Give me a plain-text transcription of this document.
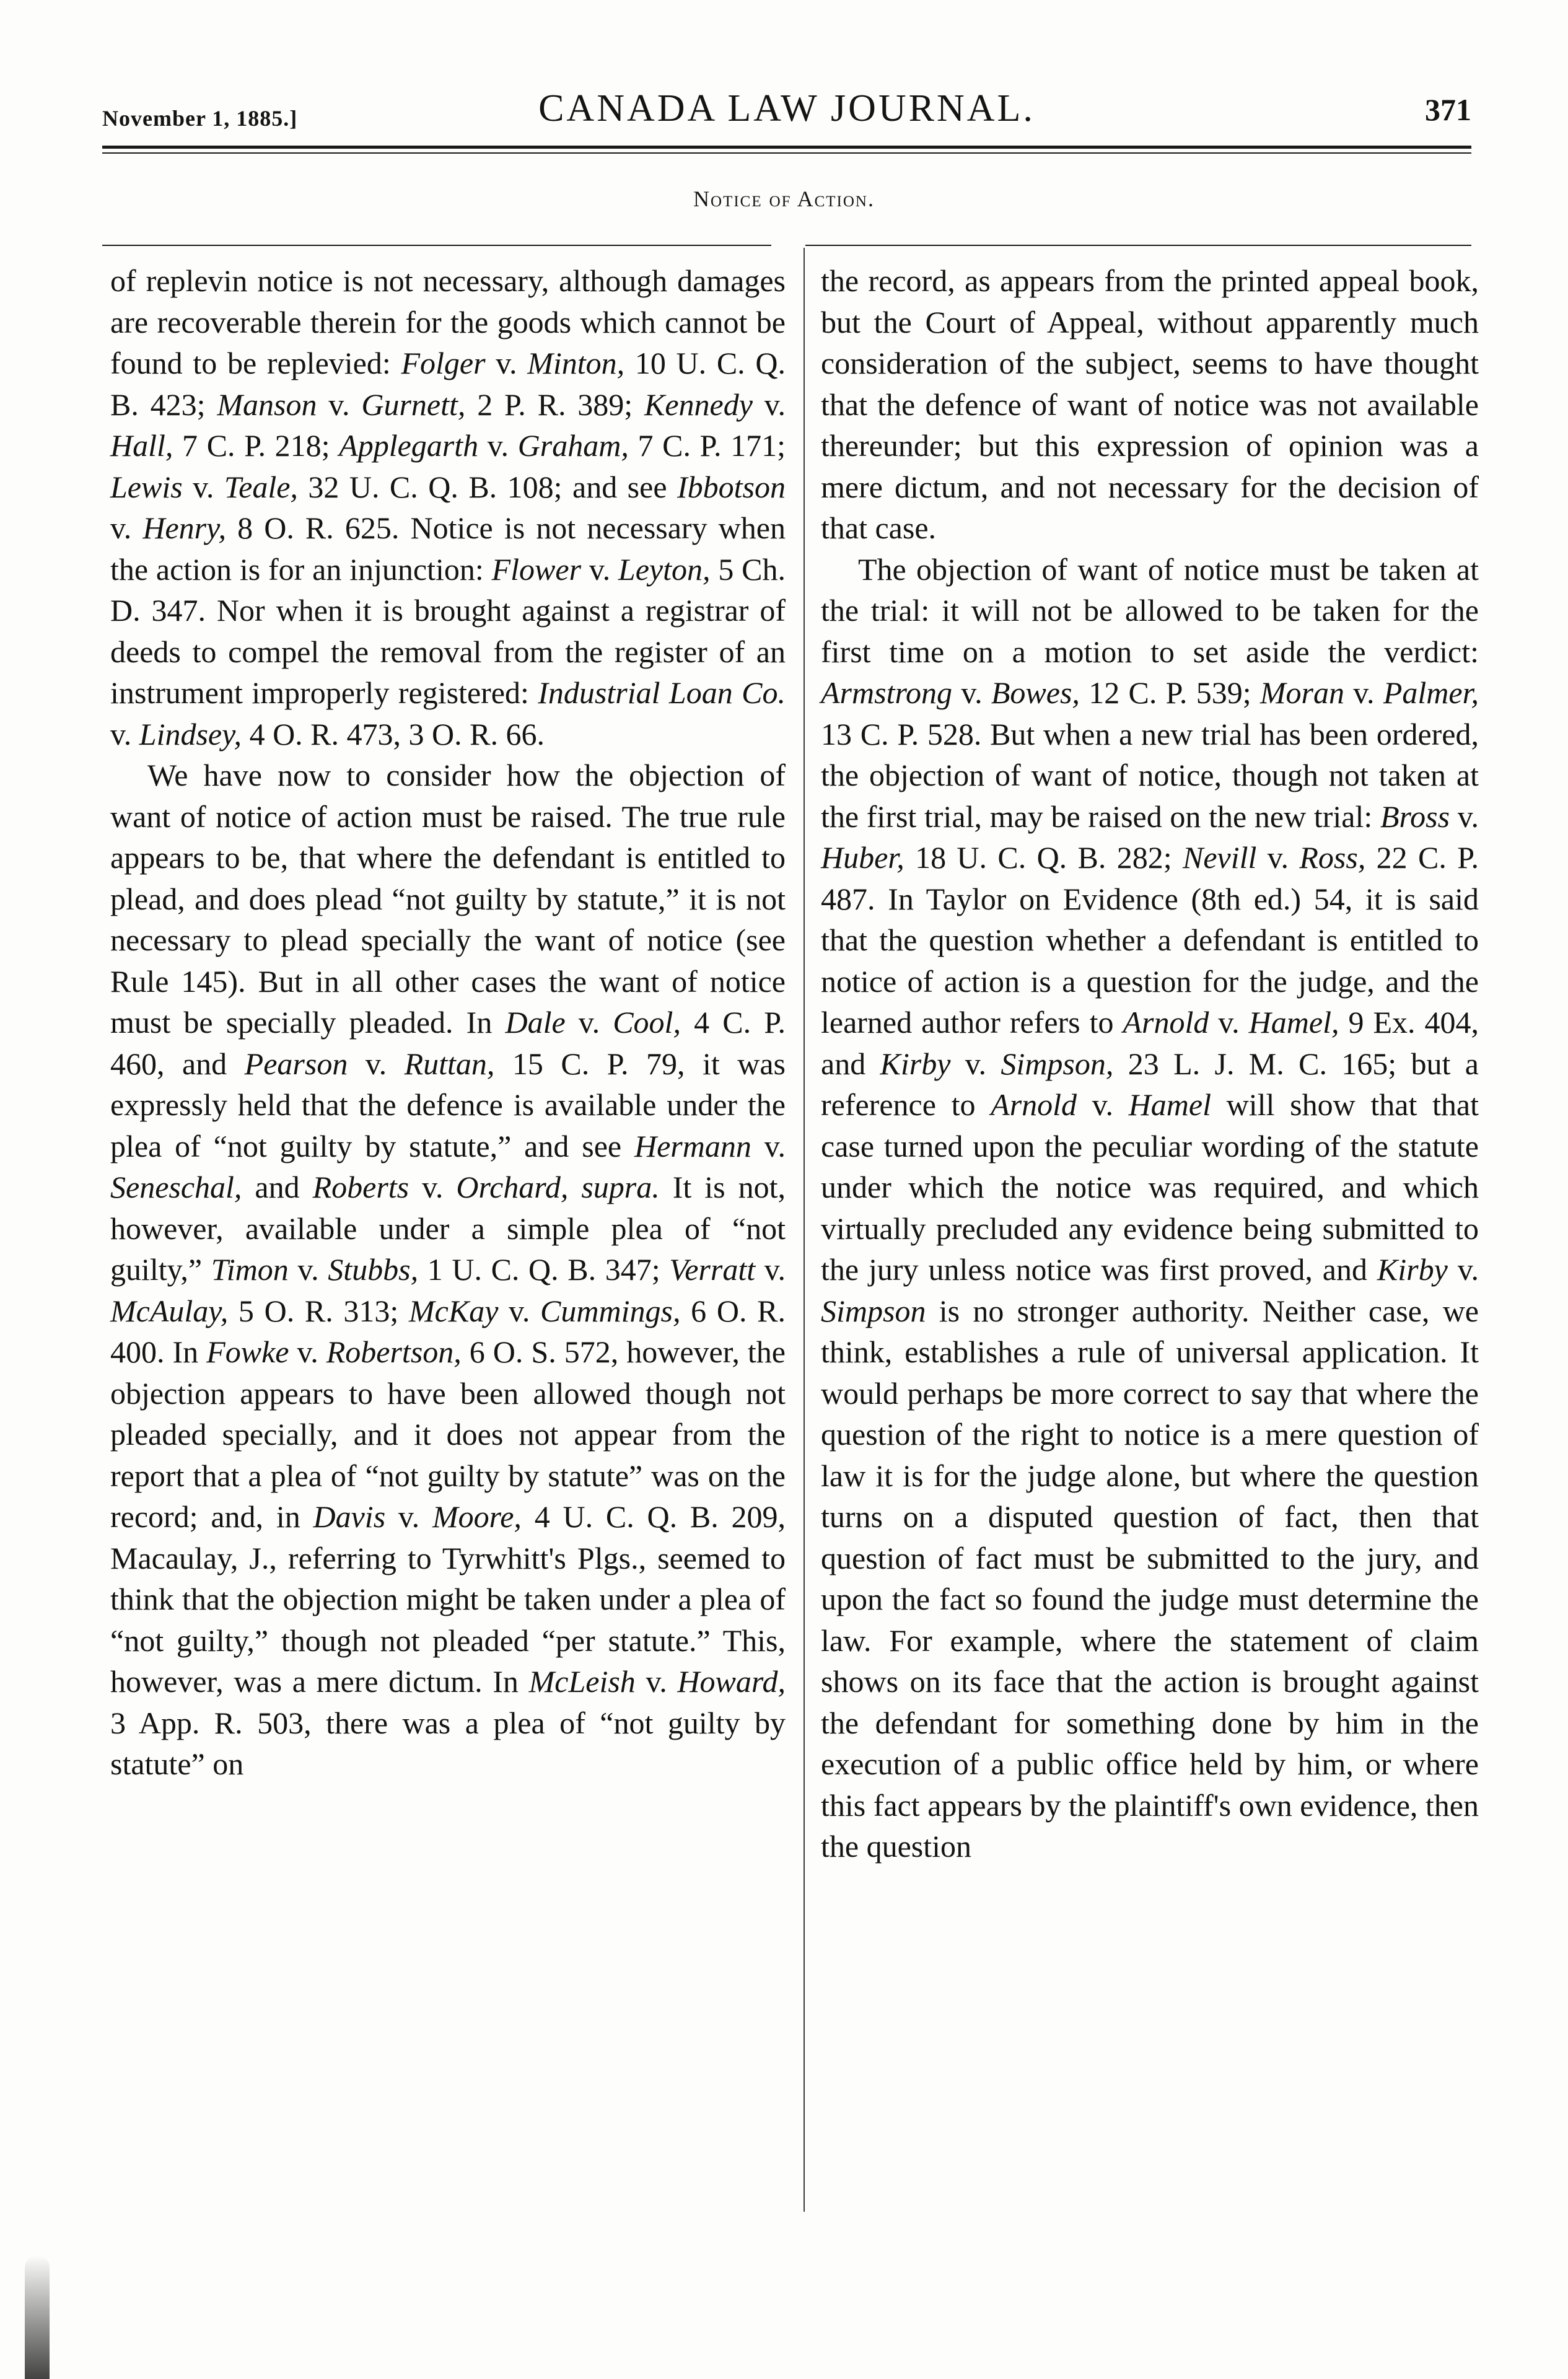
November 1, 1885.]	CANADA LAW JOURNAL.	371
Notice of Action.

of replevin notice is not necessary, although damages are recoverable therein for the goods which cannot be found to be replevied: Folger v. Minton, 10 U. C. Q. B. 423; Manson v. Gurnett, 2 P. R. 389; Kennedy v. Hall, 7 C. P. 218; Applegarth v. Graham, 7 C. P. 171; Lewis v. Teale, 32 U. C. Q. B. 108; and see Ibbotson v. Henry, 8 O. R. 625. Notice is not necessary when the action is for an injunction: Flower v. Leyton, 5 Ch. D. 347. Nor when it is brought against a registrar of deeds to compel the removal from the register of an instrument improperly registered: Industrial Loan Co. v. Lindsey, 4 O. R. 473, 3 O. R. 66.

We have now to consider how the objection of want of notice of action must be raised. The true rule appears to be, that where the defendant is entitled to plead, and does plead “not guilty by statute,” it is not necessary to plead specially the want of notice (see Rule 145). But in all other cases the want of notice must be specially pleaded. In Dale v. Cool, 4 C. P. 460, and Pearson v. Ruttan, 15 C. P. 79, it was expressly held that the defence is available under the plea of “not guilty by statute,” and see Hermann v. Seneschal, and Roberts v. Orchard, supra. It is not, however, available under a simple plea of “not guilty,” Timon v. Stubbs, 1 U. C. Q. B. 347; Verratt v. McAulay, 5 O. R. 313; McKay v. Cummings, 6 O. R. 400. In Fowke v. Robertson, 6 O. S. 572, however, the objection appears to have been allowed though not pleaded specially, and it does not appear from the report that a plea of “not guilty by statute” was on the record; and, in Davis v. Moore, 4 U. C. Q. B. 209, Macaulay, J., referring to Tyrwhitt's Plgs., seemed to think that the objection might be taken under a plea of “not guilty,” though not pleaded “per statute.” This, however, was a mere dictum. In McLeish v. Howard, 3 App. R. 503, there was a plea of “not guilty by statute” on

the record, as appears from the printed appeal book, but the Court of Appeal, without apparently much consideration of the subject, seems to have thought that the defence of want of notice was not available thereunder; but this expression of opinion was a mere dictum, and not necessary for the decision of that case.

The objection of want of notice must be taken at the trial: it will not be allowed to be taken for the first time on a motion to set aside the verdict: Armstrong v. Bowes, 12 C. P. 539; Moran v. Palmer, 13 C. P. 528. But when a new trial has been ordered, the objection of want of notice, though not taken at the first trial, may be raised on the new trial: Bross v. Huber, 18 U. C. Q. B. 282; Nevill v. Ross, 22 C. P. 487. In Taylor on Evidence (8th ed.) 54, it is said that the question whether a defendant is entitled to notice of action is a question for the judge, and the learned author refers to Arnold v. Hamel, 9 Ex. 404, and Kirby v. Simpson, 23 L. J. M. C. 165; but a reference to Arnold v. Hamel will show that that case turned upon the peculiar wording of the statute under which the notice was required, and which virtually precluded any evidence being submitted to the jury unless notice was first proved, and Kirby v. Simpson is no stronger authority. Neither case, we think, establishes a rule of universal application. It would perhaps be more correct to say that where the question of the right to notice is a mere question of law it is for the judge alone, but where the question turns on a disputed question of fact, then that question of fact must be submitted to the jury, and upon the fact so found the judge must determine the law. For example, where the statement of claim shows on its face that the action is brought against the defendant for something done by him in the execution of a public office held by him, or where this fact appears by the plaintiff's own evidence, then the question
